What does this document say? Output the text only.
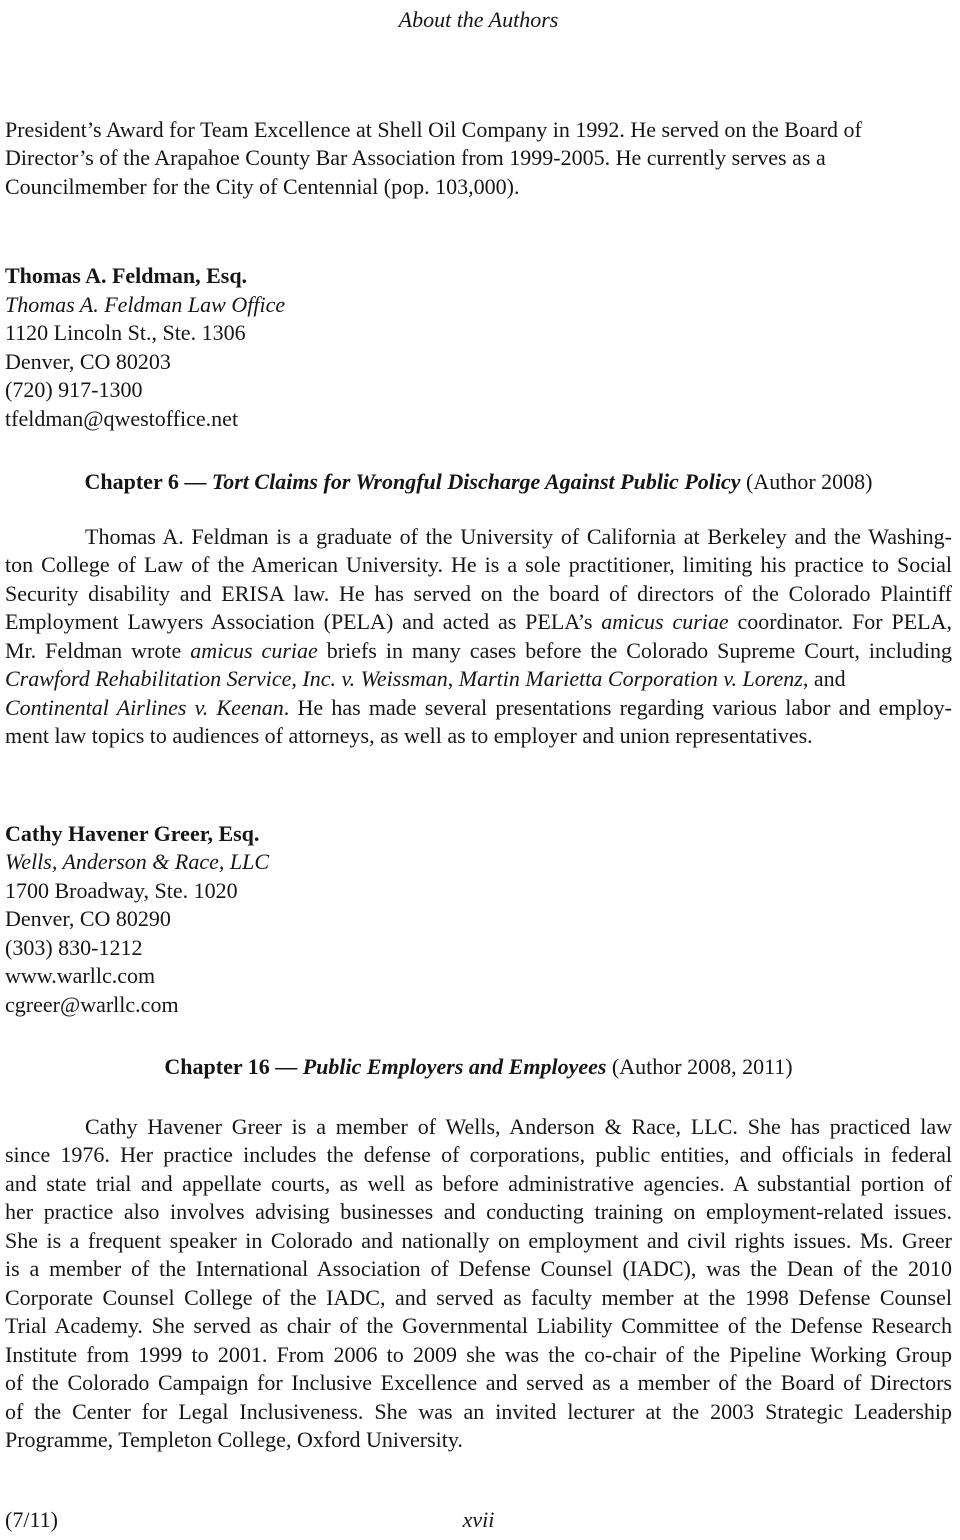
About the Authors
President’s Award for Team Excellence at Shell Oil Company in 1992. He served on the Board of
Director’s of the Arapahoe County Bar Association from 1999-2005. He currently serves as a
Councilmember for the City of Centennial (pop. 103,000).
Thomas A. Feldman, Esq.
Thomas A. Feldman Law Office
1120 Lincoln St., Ste. 1306
Denver, CO 80203
(720) 917-1300
tfeldman@qwestoffice.net
Chapter 6 — Tort Claims for Wrongful Discharge Against Public Policy (Author 2008)
Thomas A. Feldman is a graduate of the University of California at Berkeley and the Washing-
ton College of Law of the American University. He is a sole practitioner, limiting his practice to Social
Security disability and ERISA law. He has served on the board of directors of the Colorado Plaintiff
Employment Lawyers Association (PELA) and acted as PELA’s amicus curiae coordinator. For PELA,
Mr. Feldman wrote amicus curiae briefs in many cases before the Colorado Supreme Court, including
Crawford Rehabilitation Service, Inc. v. Weissman, Martin Marietta Corporation v. Lorenz, and
Continental Airlines v. Keenan. He has made several presentations regarding various labor and employ-
ment law topics to audiences of attorneys, as well as to employer and union representatives.
Cathy Havener Greer, Esq.
Wells, Anderson & Race, LLC
1700 Broadway, Ste. 1020
Denver, CO 80290
(303) 830-1212
www.warllc.com
cgreer@warllc.com
Chapter 16 — Public Employers and Employees (Author 2008, 2011)
Cathy Havener Greer is a member of Wells, Anderson & Race, LLC. She has practiced law
since 1976. Her practice includes the defense of corporations, public entities, and officials in federal
and state trial and appellate courts, as well as before administrative agencies. A substantial portion of
her practice also involves advising businesses and conducting training on employment-related issues.
She is a frequent speaker in Colorado and nationally on employment and civil rights issues. Ms. Greer
is a member of the International Association of Defense Counsel (IADC), was the Dean of the 2010
Corporate Counsel College of the IADC, and served as faculty member at the 1998 Defense Counsel
Trial Academy. She served as chair of the Governmental Liability Committee of the Defense Research
Institute from 1999 to 2001. From 2006 to 2009 she was the co-chair of the Pipeline Working Group
of the Colorado Campaign for Inclusive Excellence and served as a member of the Board of Directors
of the Center for Legal Inclusiveness. She was an invited lecturer at the 2003 Strategic Leadership
Programme, Templeton College, Oxford University.
(7/11)	xvii
